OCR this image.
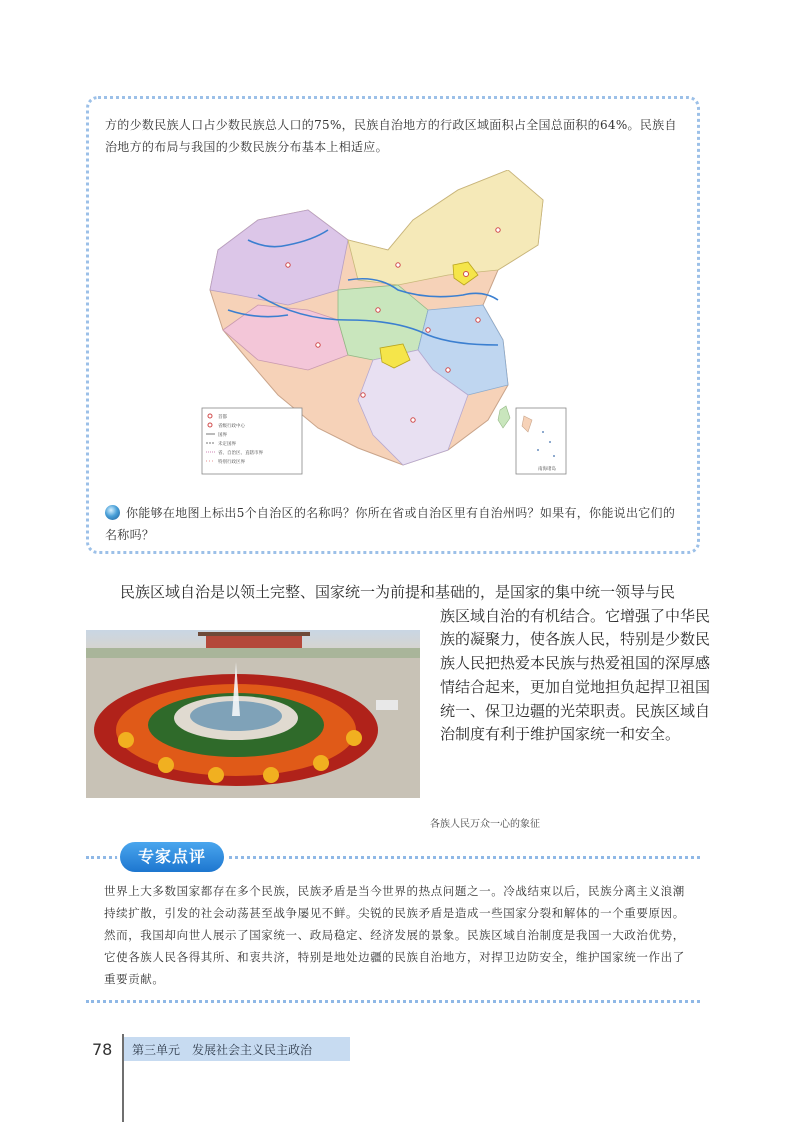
方的少数民族人口占少数民族总人口的75%，民族自治地方的行政区域面积占全国总面积的64%。民族自治地方的布局与我国的少数民族分布基本上相适应。

首都
省级行政中心
国界
未定国界
省、自治区、直辖市界
特别行政区界
南海诸岛

你能够在地图上标出5个自治区的名称吗？你所在省或自治区里有自治州吗？如果有，你能说出它们的名称吗？

民族区域自治是以领土完整、国家统一为前提和基础的，是国家的集中统一领导与民

族区域自治的有机结合。它增强了中华民族的凝聚力，使各族人民，特别是少数民族人民把热爱本民族与热爱祖国的深厚感情结合起来，更加自觉地担负起捍卫祖国统一、保卫边疆的光荣职责。民族区域自治制度有利于维护国家统一和安全。

各族人民万众一心的象征

专家点评

世界上大多数国家都存在多个民族，民族矛盾是当今世界的热点问题之一。冷战结束以后，民族分离主义浪潮持续扩散，引发的社会动荡甚至战争屡见不鲜。尖锐的民族矛盾是造成一些国家分裂和解体的一个重要原因。然而，我国却向世人展示了国家统一、政局稳定、经济发展的景象。民族区域自治制度是我国一大政治优势，它使各族人民各得其所、和衷共济，特别是地处边疆的民族自治地方，对捍卫边防安全，维护国家统一作出了重要贡献。

78 第三单元　发展社会主义民主政治
